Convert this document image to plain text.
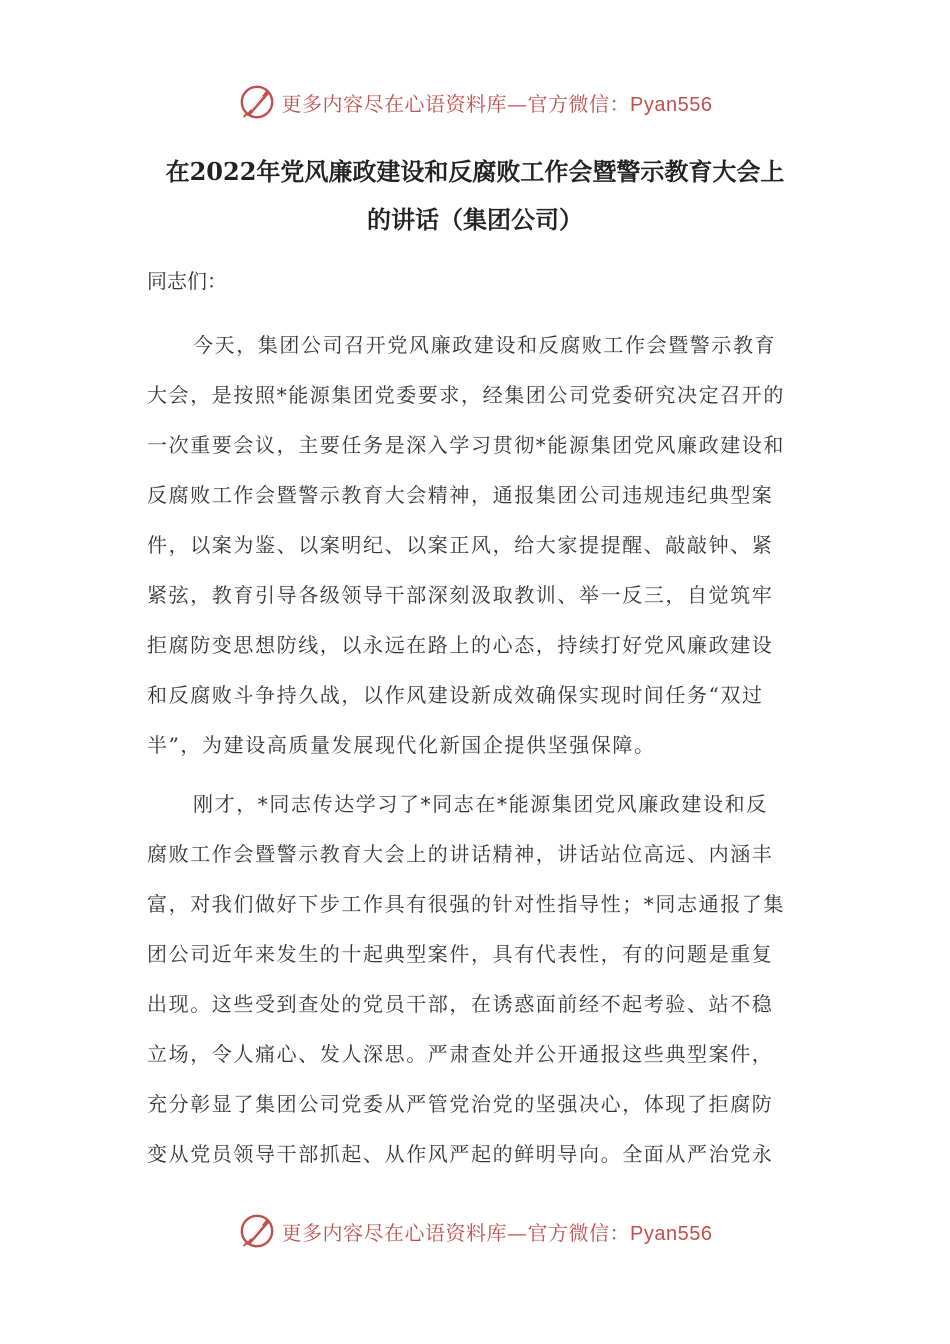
更多内容尽在心语资料库—官方微信：Pyan556
在2022年党风廉政建设和反腐败工作会暨警示教育大会上
的讲话（集团公司）
同志们：
今天，集团公司召开党风廉政建设和反腐败工作会暨警示教育
大会，是按照*能源集团党委要求，经集团公司党委研究决定召开的
一次重要会议，主要任务是深入学习贯彻*能源集团党风廉政建设和
反腐败工作会暨警示教育大会精神，通报集团公司违规违纪典型案
件，以案为鉴、以案明纪、以案正风，给大家提提醒、敲敲钟、紧
紧弦，教育引导各级领导干部深刻汲取教训、举一反三，自觉筑牢
拒腐防变思想防线，以永远在路上的心态，持续打好党风廉政建设
和反腐败斗争持久战，以作风建设新成效确保实现时间任务“双过
半”，为建设高质量发展现代化新国企提供坚强保障。
刚才，*同志传达学习了*同志在*能源集团党风廉政建设和反
腐败工作会暨警示教育大会上的讲话精神，讲话站位高远、内涵丰
富，对我们做好下步工作具有很强的针对性指导性；*同志通报了集
团公司近年来发生的十起典型案件，具有代表性，有的问题是重复
出现。这些受到查处的党员干部，在诱惑面前经不起考验、站不稳
立场，令人痛心、发人深思。严肃查处并公开通报这些典型案件，
充分彰显了集团公司党委从严管党治党的坚强决心，体现了拒腐防
变从党员领导干部抓起、从作风严起的鲜明导向。全面从严治党永
更多内容尽在心语资料库—官方微信：Pyan556
